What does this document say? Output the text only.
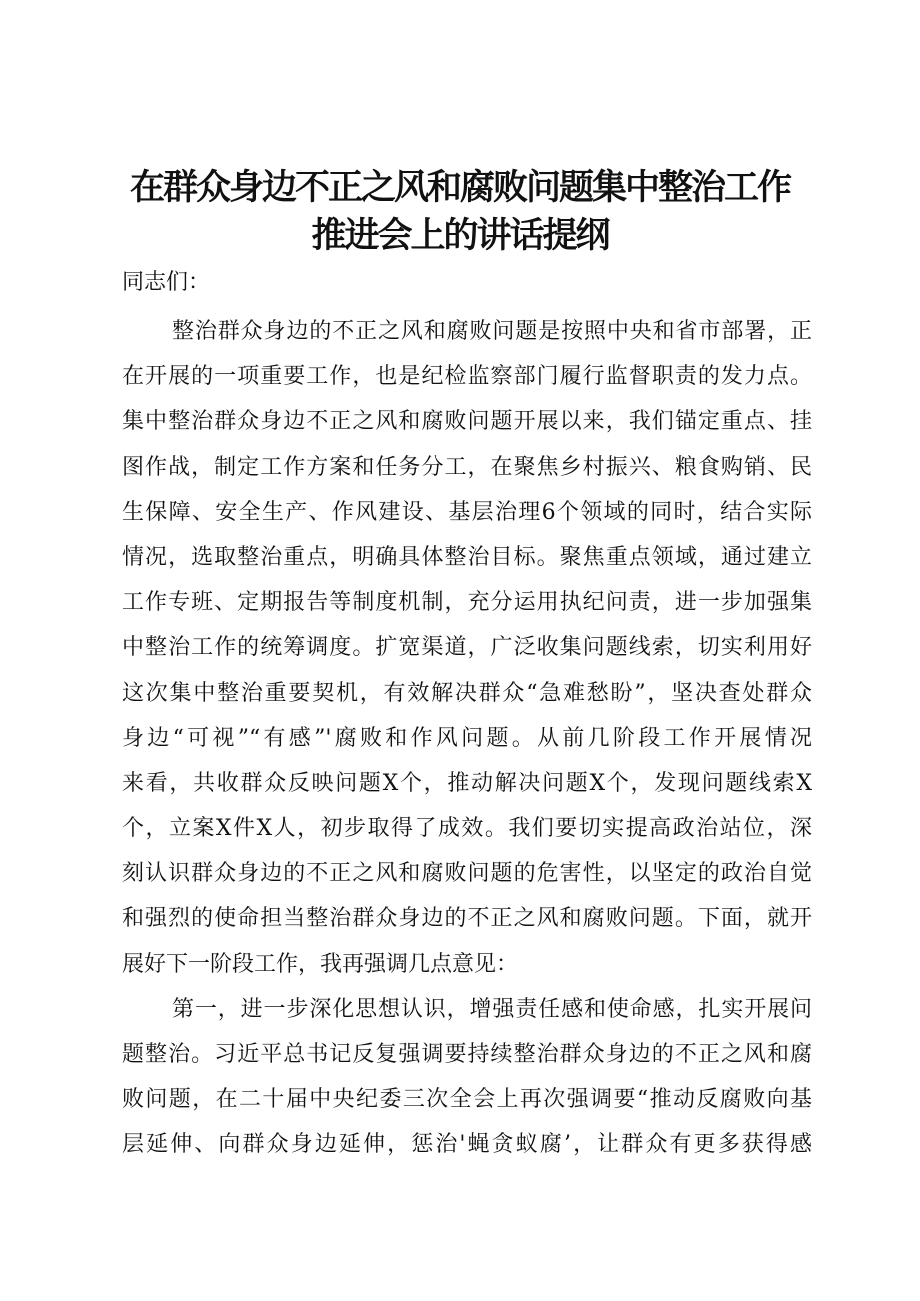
在群众身边不正之风和腐败问题集中整治工作
推进会上的讲话提纲
同志们：
整治群众身边的不正之风和腐败问题是按照中央和省市部署，正
在开展的一项重要工作，也是纪检监察部门履行监督职责的发力点。
集中整治群众身边不正之风和腐败问题开展以来，我们锚定重点、挂
图作战，制定工作方案和任务分工，在聚焦乡村振兴、粮食购销、民
生保障、安全生产、作风建设、基层治理6个领域的同时，结合实际
情况，选取整治重点，明确具体整治目标。聚焦重点领域，通过建立
工作专班、定期报告等制度机制，充分运用执纪问责，进一步加强集
中整治工作的统筹调度。扩宽渠道，广泛收集问题线索，切实利用好
这次集中整治重要契机，有效解决群众“急难愁盼”，坚决查处群众
身边“可视”“有感”'腐败和作风问题。从前几阶段工作开展情况
来看，共收群众反映问题X个，推动解决问题X个，发现问题线索X
个，立案X件X人，初步取得了成效。我们要切实提高政治站位，深
刻认识群众身边的不正之风和腐败问题的危害性，以坚定的政治自觉
和强烈的使命担当整治群众身边的不正之风和腐败问题。下面，就开
展好下一阶段工作，我再强调几点意见：
第一，进一步深化思想认识，增强责任感和使命感，扎实开展问
题整治。习近平总书记反复强调要持续整治群众身边的不正之风和腐
败问题，在二十届中央纪委三次全会上再次强调要“推动反腐败向基
层延伸、向群众身边延伸，惩治'蝇贪蚁腐’，让群众有更多获得感
